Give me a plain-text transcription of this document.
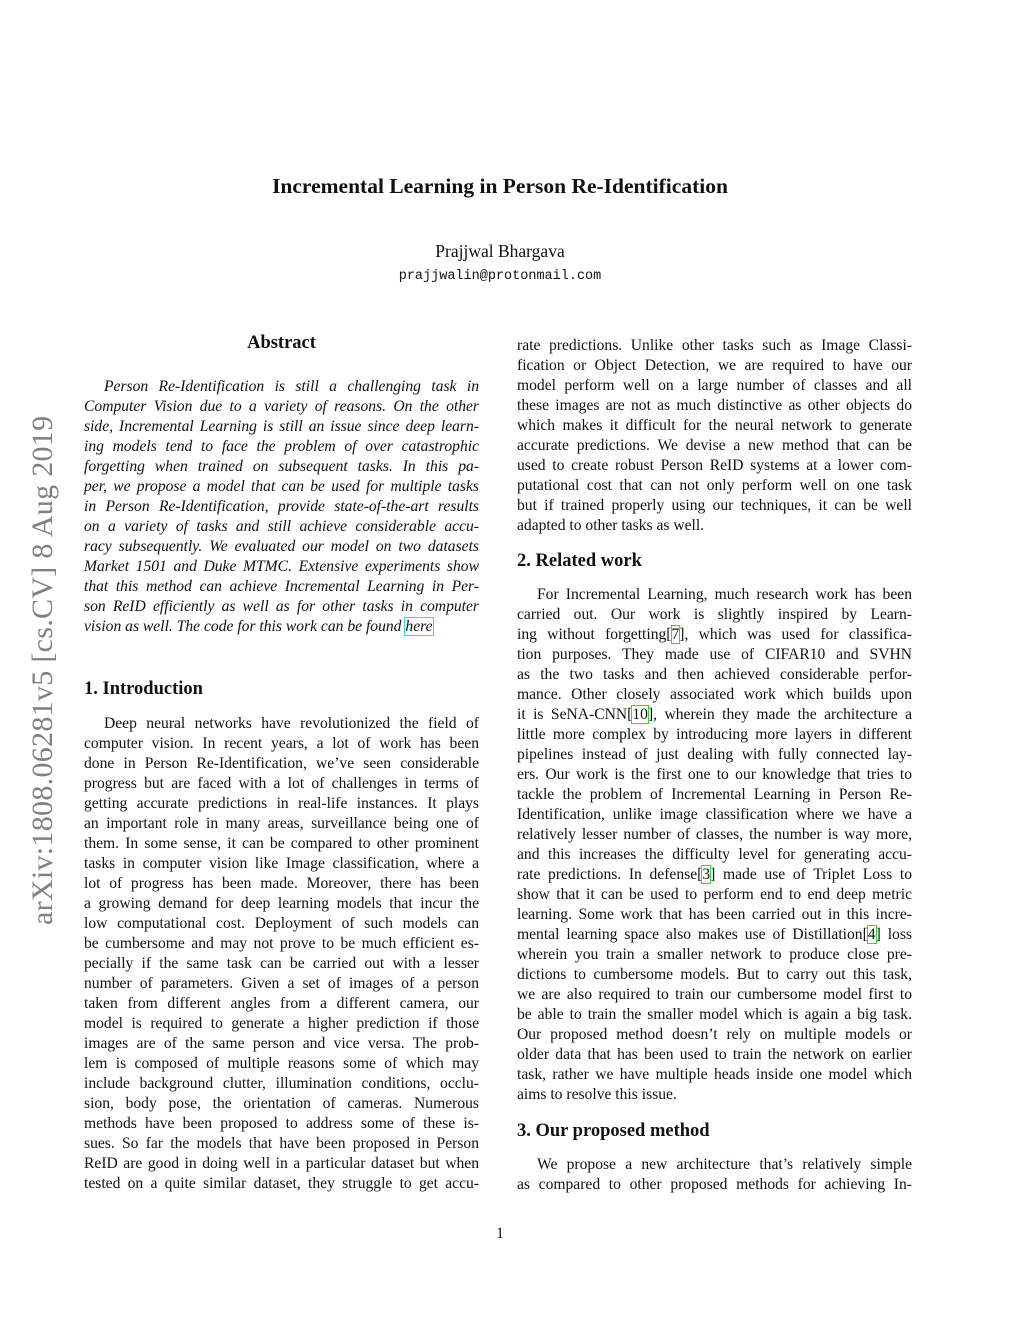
Incremental Learning in Person Re-Identification
Prajjwal Bhargava
prajjwalin@protonmail.com
arXiv:1808.06281v5 [cs.CV] 8 Aug 2019
Abstract
Person Re-Identification is still a challenging task in
Computer Vision due to a variety of reasons. On the other
side, Incremental Learning is still an issue since deep learn-
ing models tend to face the problem of over catastrophic
forgetting when trained on subsequent tasks. In this pa-
per, we propose a model that can be used for multiple tasks
in Person Re-Identification, provide state-of-the-art results
on a variety of tasks and still achieve considerable accu-
racy subsequently. We evaluated our model on two datasets
Market 1501 and Duke MTMC. Extensive experiments show
that this method can achieve Incremental Learning in Per-
son ReID efficiently as well as for other tasks in computer
vision as well. The code for this work can be found here
1. Introduction
Deep neural networks have revolutionized the field of
computer vision. In recent years, a lot of work has been
done in Person Re-Identification, we’ve seen considerable
progress but are faced with a lot of challenges in terms of
getting accurate predictions in real-life instances. It plays
an important role in many areas, surveillance being one of
them. In some sense, it can be compared to other prominent
tasks in computer vision like Image classification, where a
lot of progress has been made. Moreover, there has been
a growing demand for deep learning models that incur the
low computational cost. Deployment of such models can
be cumbersome and may not prove to be much efficient es-
pecially if the same task can be carried out with a lesser
number of parameters. Given a set of images of a person
taken from different angles from a different camera, our
model is required to generate a higher prediction if those
images are of the same person and vice versa. The prob-
lem is composed of multiple reasons some of which may
include background clutter, illumination conditions, occlu-
sion, body pose, the orientation of cameras. Numerous
methods have been proposed to address some of these is-
sues. So far the models that have been proposed in Person
ReID are good in doing well in a particular dataset but when
tested on a quite similar dataset, they struggle to get accu-
rate predictions. Unlike other tasks such as Image Classi-
fication or Object Detection, we are required to have our
model perform well on a large number of classes and all
these images are not as much distinctive as other objects do
which makes it difficult for the neural network to generate
accurate predictions. We devise a new method that can be
used to create robust Person ReID systems at a lower com-
putational cost that can not only perform well on one task
but if trained properly using our techniques, it can be well
adapted to other tasks as well.
2. Related work
For Incremental Learning, much research work has been
carried out. Our work is slightly inspired by Learn-
ing without forgetting[7], which was used for classifica-
tion purposes. They made use of CIFAR10 and SVHN
as the two tasks and then achieved considerable perfor-
mance. Other closely associated work which builds upon
it is SeNA-CNN[10], wherein they made the architecture a
little more complex by introducing more layers in different
pipelines instead of just dealing with fully connected lay-
ers. Our work is the first one to our knowledge that tries to
tackle the problem of Incremental Learning in Person Re-
Identification, unlike image classification where we have a
relatively lesser number of classes, the number is way more,
and this increases the difficulty level for generating accu-
rate predictions. In defense[3] made use of Triplet Loss to
show that it can be used to perform end to end deep metric
learning. Some work that has been carried out in this incre-
mental learning space also makes use of Distillation[4] loss
wherein you train a smaller network to produce close pre-
dictions to cumbersome models. But to carry out this task,
we are also required to train our cumbersome model first to
be able to train the smaller model which is again a big task.
Our proposed method doesn’t rely on multiple models or
older data that has been used to train the network on earlier
task, rather we have multiple heads inside one model which
aims to resolve this issue.
3. Our proposed method
We propose a new architecture that’s relatively simple
as compared to other proposed methods for achieving In-
1
